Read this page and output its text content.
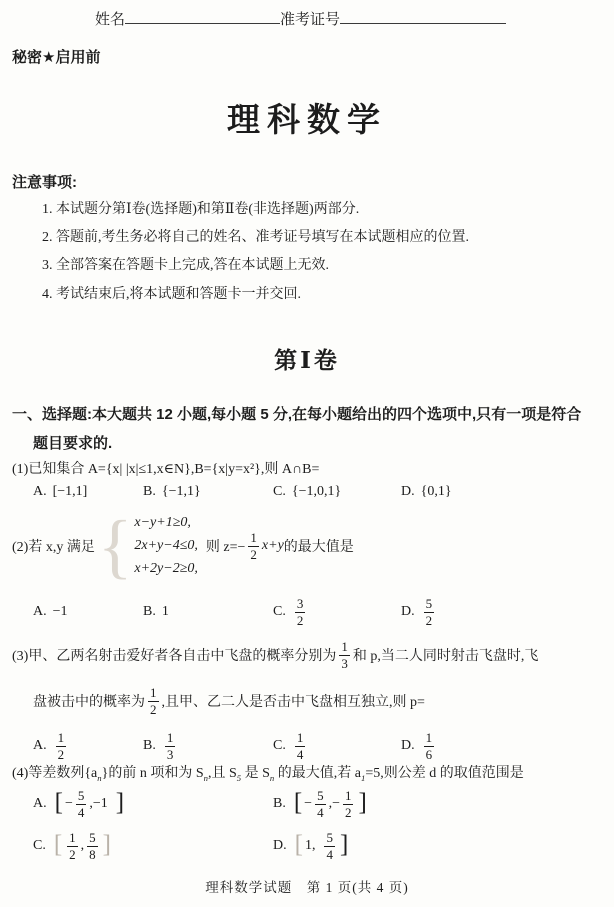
姓名	准考证号
秘密★启用前
理科数学
注意事项:
1. 本试题分第Ⅰ卷(选择题)和第Ⅱ卷(非选择题)两部分.
2. 答题前,考生务必将自己的姓名、准考证号填写在本试题相应的位置.
3. 全部答案在答题卡上完成,答在本试题上无效.
4. 考试结束后,将本试题和答题卡一并交回.
第Ⅰ卷
一、选择题:本大题共 12 小题,每小题 5 分,在每小题给出的四个选项中,只有一项是符合
题目要求的.
(1)已知集合 A={x| |x|≤1,x∈N},B={x|y=x²},则 A∩B=
A. [−1,1]	B. {−1,1}	C. {−1,0,1}	D. {0,1}
(2)若 x,y 满足 { x−y+1≥0,
2x+y−4≤0,
x+2y−2≥0,
则 $z=- \frac{1}{2} x+y$ 的最大值是
A. −1	B. 1	C. $\frac{3}{2}$	D. $\frac{5}{2}$
(3)甲、乙两名射击爱好者各自击中飞盘的概率分别为 $\frac{1}{3}$ 和 p,当二人同时射击飞盘时,飞
盘被击中的概率为 $\frac{1}{2}$ ,且甲、乙二人是否击中飞盘相互独立,则 p=
A. $\frac{1}{2}$	B. $\frac{1}{3}$	C. $\frac{1}{4}$	D. $\frac{1}{6}$
(4)等差数列$\{a_n\}$的前 n 项和为 $S_n$,且 $S_5$ 是 $S_n$ 的最大值,若 $a_1=5$,则公差 d 的取值范围是
A. [ − $\frac{5}{4} ,-1$ ]	B. [ − $\frac{5}{4}$ ,− $\frac{1}{2}$ ]
C. [ $\frac{1}{2}$ , $\frac{5}{8}$ ]	D. [ 1, $\frac{5}{4}$ ]
理科数学试题　第 1 页(共 4 页)
